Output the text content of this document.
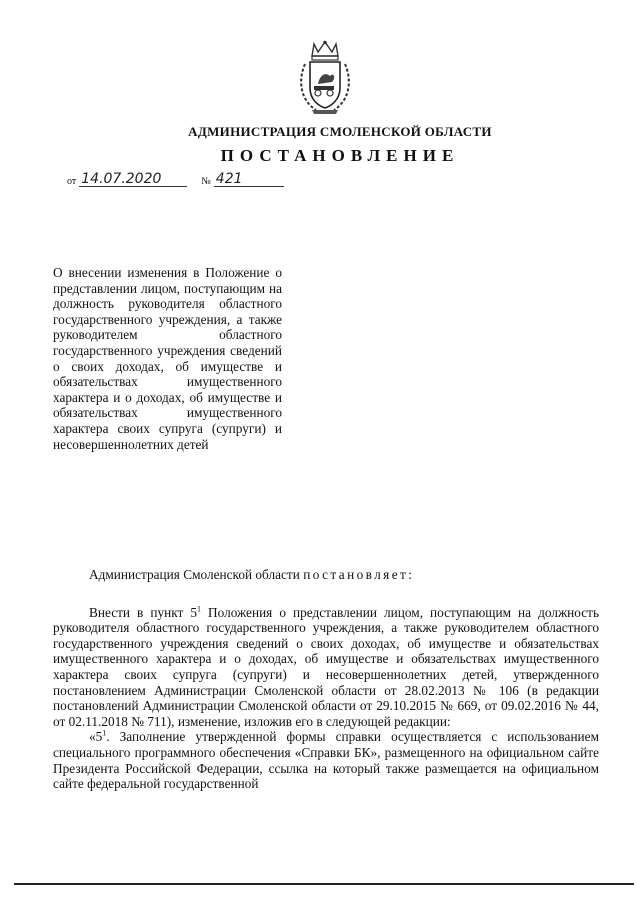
АДМИНИСТРАЦИЯ СМОЛЕНСКОЙ ОБЛАСТИ
ПОСТАНОВЛЕНИЕ
от 14.07.2020	№ 421

О внесении изменения в Положение о представлении лицом, поступающим на должность руководителя областного государственного учреждения, а также руководителем областного государственного учреждения сведений о своих доходах, об имуществе и обязательствах имущественного характера и о доходах, об имуществе и обязательствах имущественного характера своих супруга (супруги) и несовершеннолетних детей

Администрация Смоленской области постановляет:

Внести в пункт $5^1$ Положения о представлении лицом, поступающим на должность руководителя областного государственного учреждения, а также руководителем областного государственного учреждения сведений о своих доходах, об имуществе и обязательствах имущественного характера и о доходах, об имуществе и обязательствах имущественного характера своих супруга (супруги) и несовершеннолетних детей, утвержденного постановлением Администрации Смоленской области от 28.02.2013 № 106 (в редакции постановлений Администрации Смоленской области от 29.10.2015 № 669, от 09.02.2016 № 44, от 02.11.2018 № 711), изменение, изложив его в следующей редакции:

«$5^1$. Заполнение утвержденной формы справки осуществляется с использованием специального программного обеспечения «Справки БК», размещенного на официальном сайте Президента Российской Федерации, ссылка на который также размещается на официальном сайте федеральной государственной
